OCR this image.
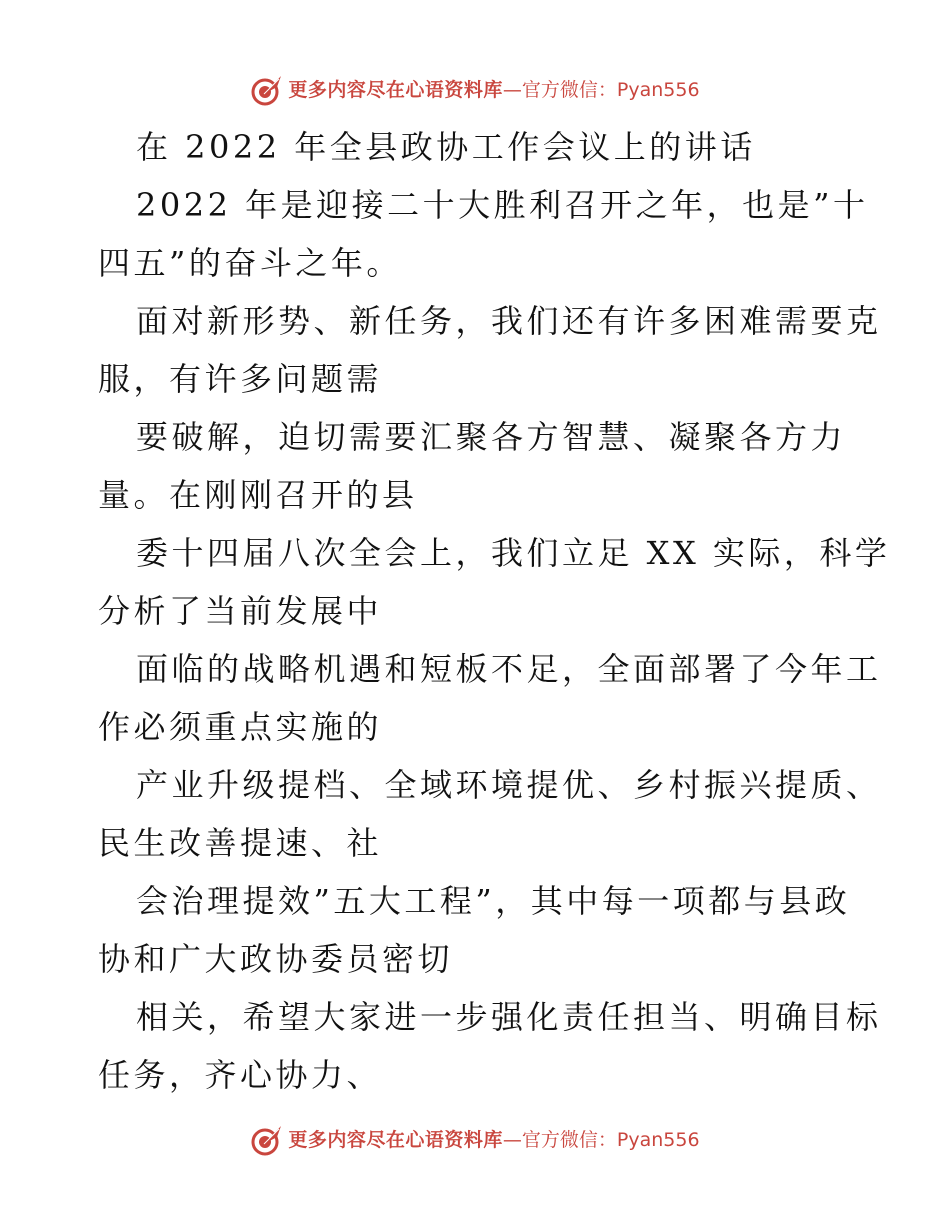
更多内容尽在心语资料库 — 官方微信：Pyan556
在 2022 年全县政协工作会议上的讲话
2022 年是迎接二十大胜利召开之年，也是”十
四五”的奋斗之年。
面对新形势、新任务，我们还有许多困难需要克
服，有许多问题需
要破解，迫切需要汇聚各方智慧、凝聚各方力
量。在刚刚召开的县
委十四届八次全会上，我们立足 XX 实际，科学
分析了当前发展中
面临的战略机遇和短板不足，全面部署了今年工
作必须重点实施的
产业升级提档、全域环境提优、乡村振兴提质、
民生改善提速、社
会治理提效”五大工程”，其中每一项都与县政
协和广大政协委员密切
相关，希望大家进一步强化责任担当、明确目标
任务，齐心协力、
更多内容尽在心语资料库 — 官方微信：Pyan556
